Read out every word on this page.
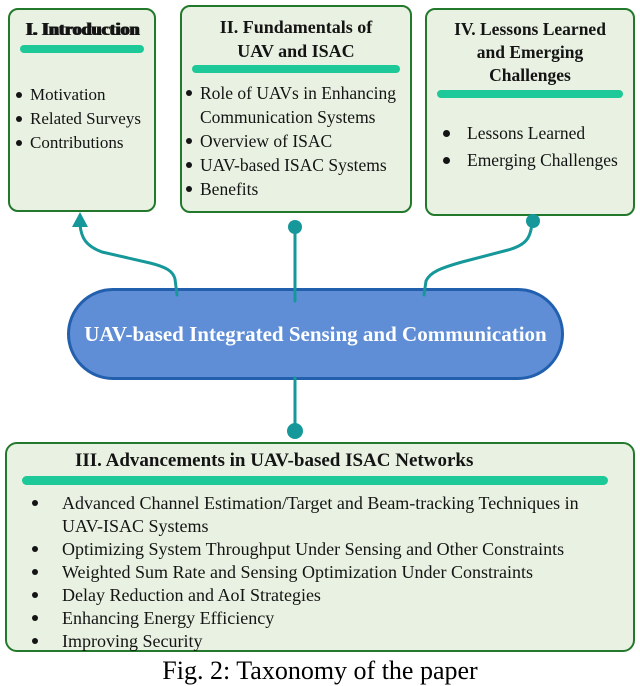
I. Introduction
Motivation
Related Surveys
Contributions
II. Fundamentals of UAV and ISAC
Role of UAVs in Enhancing Communication Systems
Overview of ISAC
UAV-based ISAC Systems
Benefits
IV. Lessons Learned and Emerging Challenges
Lessons Learned
Emerging Challenges
UAV-based Integrated Sensing and Communication
III. Advancements in UAV-based ISAC Networks
Advanced Channel Estimation/Target and Beam-tracking Techniques in UAV-ISAC Systems
Optimizing System Throughput Under Sensing and Other Constraints
Weighted Sum Rate and Sensing Optimization Under Constraints
Delay Reduction and AoI Strategies
Enhancing Energy Efficiency
Improving Security
Fig. 2: Taxonomy of the paper
